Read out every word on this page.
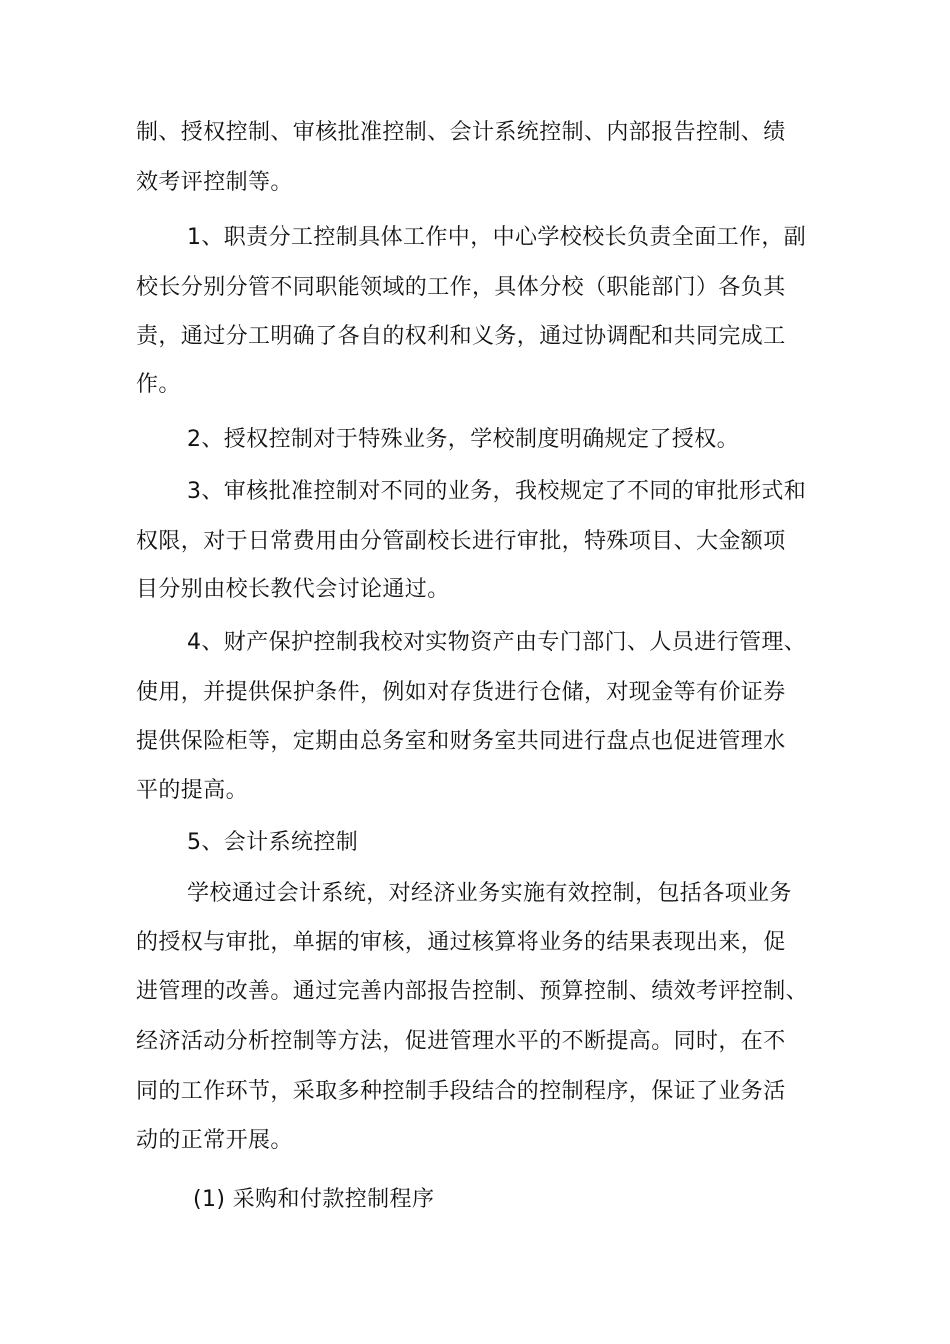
制、授权控制、审核批准控制、会计系统控制、内部报告控制、绩
效考评控制等。
1、职责分工控制具体工作中，中心学校校长负责全面工作，副
校长分别分管不同职能领域的工作，具体分校（职能部门）各负其
责，通过分工明确了各自的权利和义务，通过协调配和共同完成工
作。
2、授权控制对于特殊业务，学校制度明确规定了授权。
3、审核批准控制对不同的业务，我校规定了不同的审批形式和
权限，对于日常费用由分管副校长进行审批，特殊项目、大金额项
目分别由校长教代会讨论通过。
4、财产保护控制我校对实物资产由专门部门、人员进行管理、
使用，并提供保护条件，例如对存货进行仓储，对现金等有价证券
提供保险柜等，定期由总务室和财务室共同进行盘点也促进管理水
平的提高。
5、会计系统控制
学校通过会计系统，对经济业务实施有效控制，包括各项业务
的授权与审批，单据的审核，通过核算将业务的结果表现出来，促
进管理的改善。通过完善内部报告控制、预算控制、绩效考评控制、
经济活动分析控制等方法，促进管理水平的不断提高。同时，在不
同的工作环节，采取多种控制手段结合的控制程序，保证了业务活
动的正常开展。
(1) 采购和付款控制程序
